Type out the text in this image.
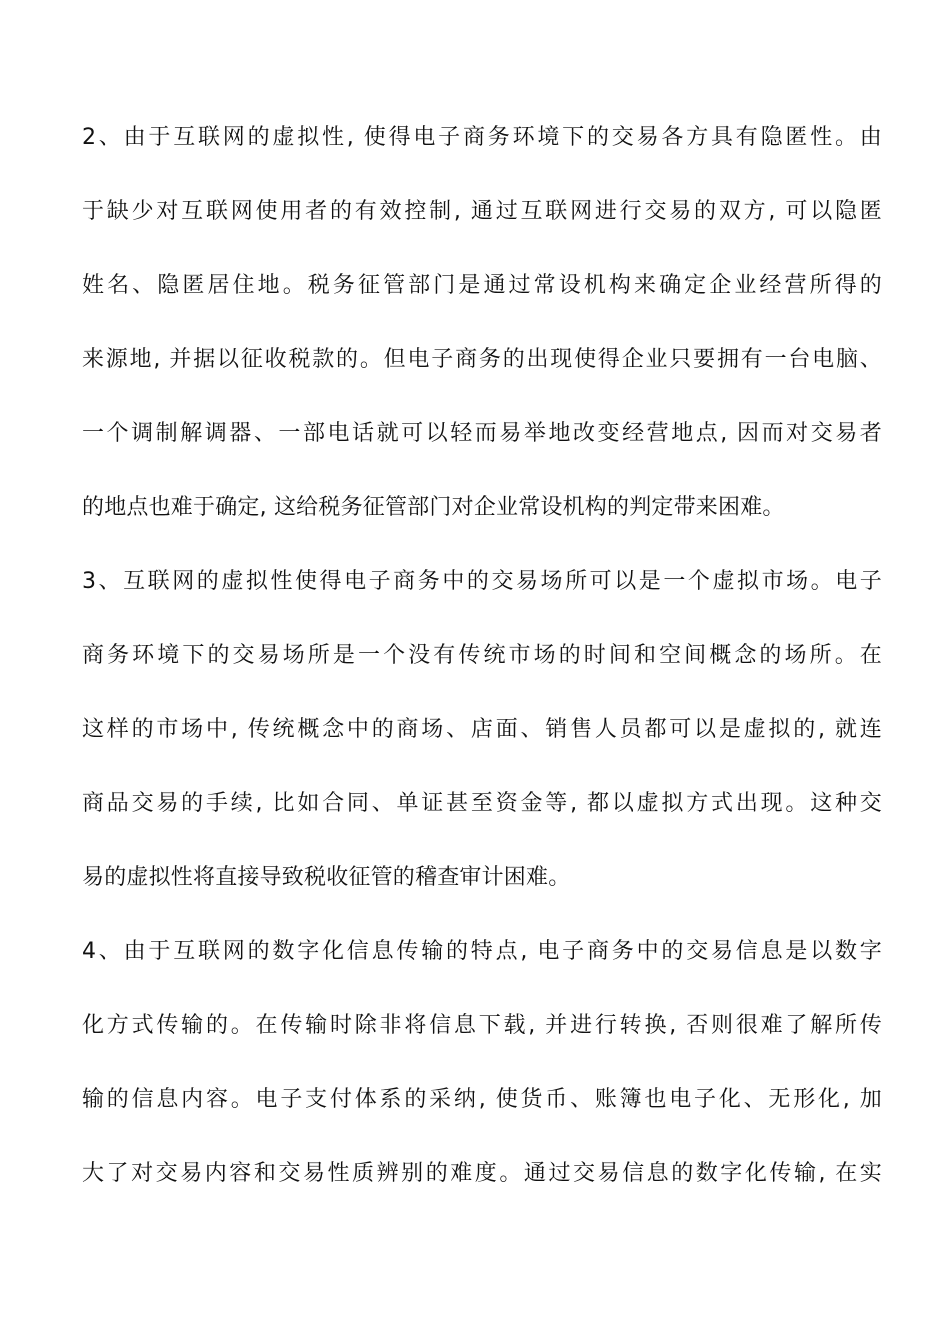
2、由于互联网的虚拟性, 使得电子商务环境下的交易各方具有隐匿性。由
于缺少对互联网使用者的有效控制, 通过互联网进行交易的双方, 可以隐匿
姓名、隐匿居住地。税务征管部门是通过常设机构来确定企业经营所得的
来源地, 并据以征收税款的。但电子商务的出现使得企业只要拥有一台电脑、
一个调制解调器、一部电话就可以轻而易举地改变经营地点, 因而对交易者
的地点也难于确定, 这给税务征管部门对企业常设机构的判定带来困难。
3、互联网的虚拟性使得电子商务中的交易场所可以是一个虚拟市场。电子
商务环境下的交易场所是一个没有传统市场的时间和空间概念的场所。在
这样的市场中, 传统概念中的商场、店面、销售人员都可以是虚拟的, 就连
商品交易的手续, 比如合同、单证甚至资金等, 都以虚拟方式出现。这种交
易的虚拟性将直接导致税收征管的稽查审计困难。
4、由于互联网的数字化信息传输的特点, 电子商务中的交易信息是以数字
化方式传输的。在传输时除非将信息下载, 并进行转换, 否则很难了解所传
输的信息内容。电子支付体系的采纳, 使货币、账簿也电子化、无形化, 加
大了对交易内容和交易性质辨别的难度。通过交易信息的数字化传输, 在实
